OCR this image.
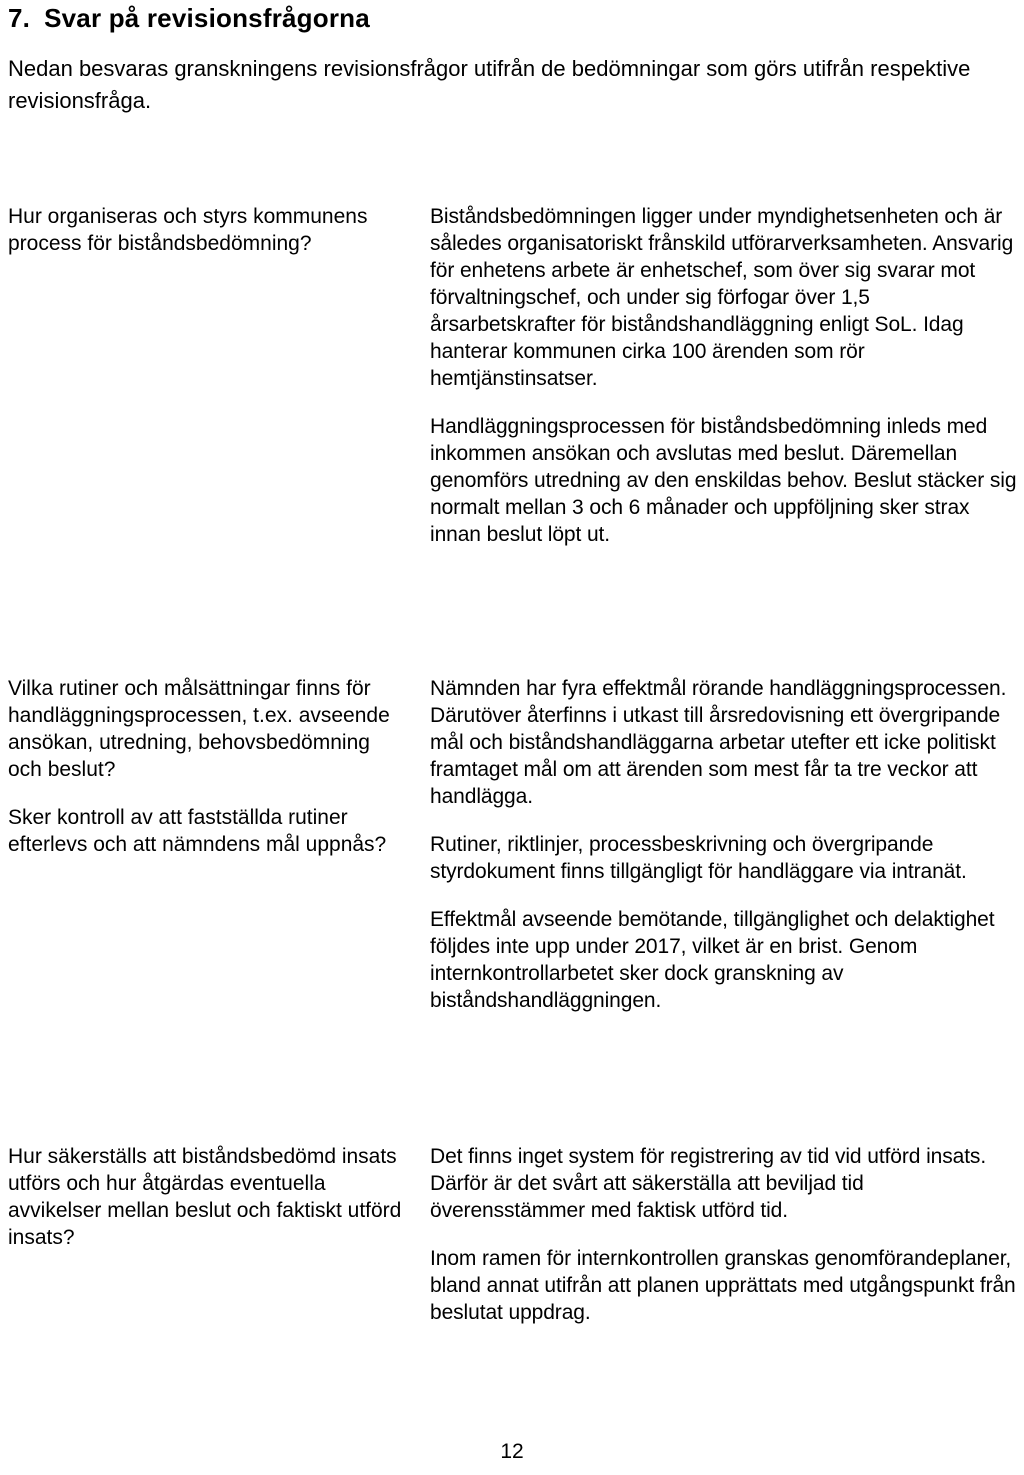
7. Svar på revisionsfrågorna

Nedan besvaras granskningens revisionsfrågor utifrån de bedömningar som görs utifrån respektive revisionsfråga.

Hur organiseras och styrs kommunens process för biståndsbedömning?

Biståndsbedömningen ligger under myndighetsenheten och är således organisatoriskt frånskild utförarverksamheten. Ansvarig för enhetens arbete är enhetschef, som över sig svarar mot förvaltningschef, och under sig förfogar över 1,5 årsarbetskrafter för biståndshandläggning enligt SoL. Idag hanterar kommunen cirka 100 ärenden som rör hemtjänstinsatser.

Handläggningsprocessen för biståndsbedömning inleds med inkommen ansökan och avslutas med beslut. Däremellan genomförs utredning av den enskildas behov. Beslut stäcker sig normalt mellan 3 och 6 månader och uppföljning sker strax innan beslut löpt ut.

Vilka rutiner och målsättningar finns för handläggningsprocessen, t.ex. avseende ansökan, utredning, behovsbedömning och beslut?

Sker kontroll av att fastställda rutiner efterlevs och att nämndens mål uppnås?

Nämnden har fyra effektmål rörande handläggningsprocessen. Därutöver återfinns i utkast till årsredovisning ett övergripande mål och biståndshandläggarna arbetar utefter ett icke politiskt framtaget mål om att ärenden som mest får ta tre veckor att handlägga.

Rutiner, riktlinjer, processbeskrivning och övergripande styrdokument finns tillgängligt för handläggare via intranät.

Effektmål avseende bemötande, tillgänglighet och delaktighet följdes inte upp under 2017, vilket är en brist. Genom internkontrollarbetet sker dock granskning av biståndshandläggningen.

Hur säkerställs att biståndsbedömd insats utförs och hur åtgärdas eventuella avvikelser mellan beslut och faktiskt utförd insats?

Det finns inget system för registrering av tid vid utförd insats. Därför är det svårt att säkerställa att beviljad tid överensstämmer med faktisk utförd tid.

Inom ramen för internkontrollen granskas genomförandeplaner, bland annat utifrån att planen upprättats med utgångspunkt från beslutat uppdrag.

12
